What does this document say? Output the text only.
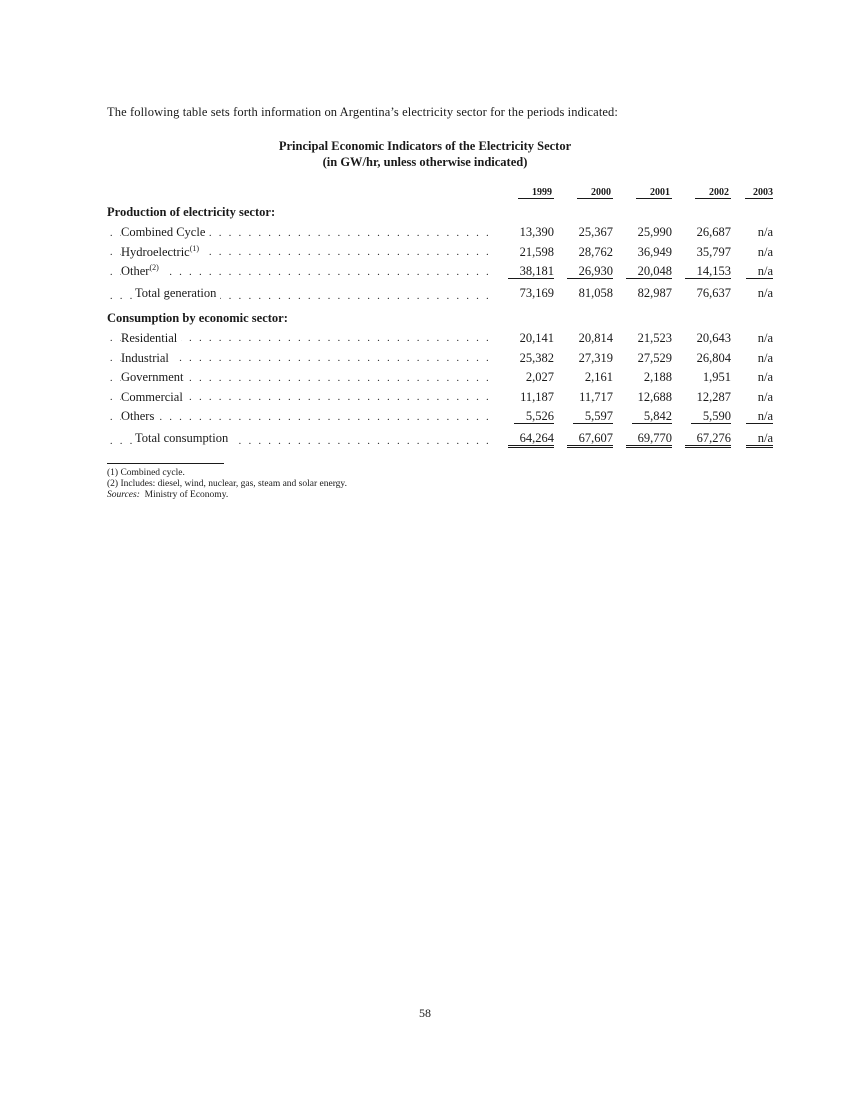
The following table sets forth information on Argentina’s electricity sector for the periods indicated:
Principal Economic Indicators of the Electricity Sector
(in GW/hr, unless otherwise indicated)
	1999	2000	2001	2002	2003
Production of electricity sector:					

. . .
Combined Cycle	13,390	25,367	25,990	26,687	n/a

. . .
Hydroelectric$^{(1)}$	21,598	28,762	36,949	35,797	n/a

. . .
Other$^{(2)}$	38,181	26,930	20,048	14,153	n/a

. . .
Total generation	73,169	81,058	82,987	76,637	n/a
Consumption by economic sector:					

. . .
Residential	20,141	20,814	21,523	20,643	n/a

. . .
Industrial	25,382	27,319	27,529	26,804	n/a

. . .
Government	2,027	2,161	2,188	1,951	n/a

. . .
Commercial	11,187	11,717	12,688	12,287	n/a

. . .
Others	5,526	5,597	5,842	5,590	n/a

. . .
Total consumption	64,264	67,607	69,770	67,276	n/a
(1) Combined cycle.
(2) Includes: diesel, wind, nuclear, gas, steam and solar energy.
Sources: Ministry of Economy.
58
